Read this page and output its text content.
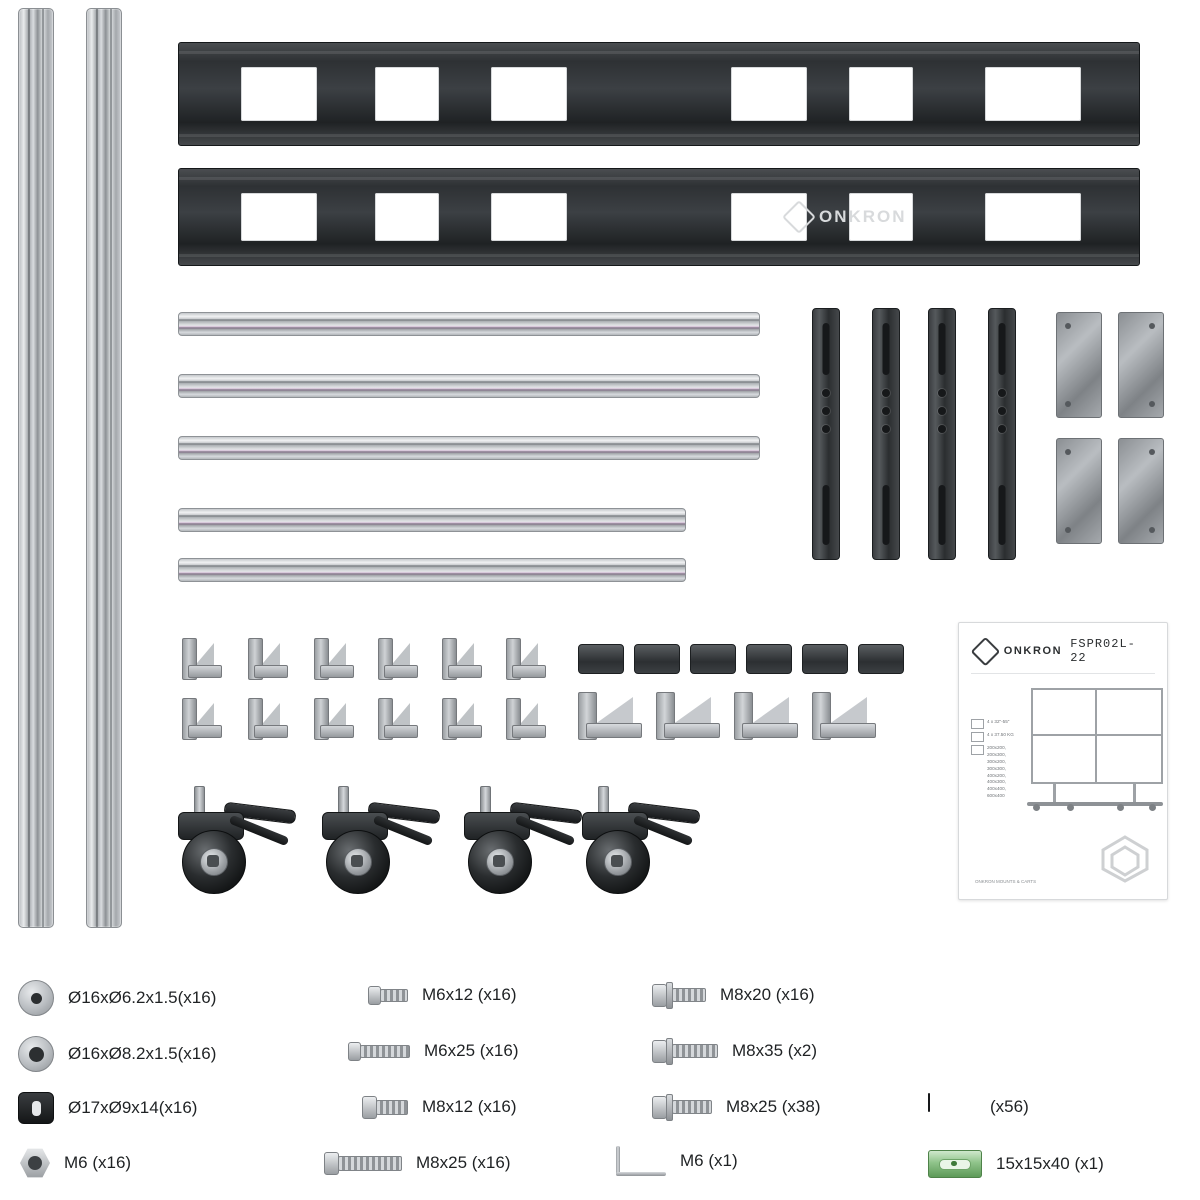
ONKRON
ONKRON FSPR02L-22
4 x 32"-55"
4 x 37.50 KG
200x200, 200x300, 300x200, 300x300, 400x200, 400x300, 400x400, 600x400
ONKRON MOUNTS & CARTS
Ø16xØ6.2x1.5(x16)
Ø16xØ8.2x1.5(x16)
Ø17xØ9x14(x16)
M6 (x16)
M6x12 (x16)
M6x25 (x16)
M8x12 (x16)
M8x25 (x16)
M8x20 (x16)
M8x35 (x2)
M8x25 (x38)
M6 (x1)
(x56)
15x15x40 (x1)
